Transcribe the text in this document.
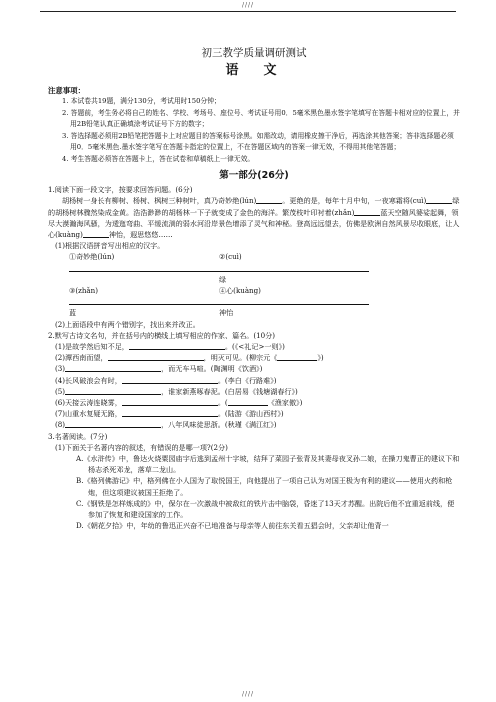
////
初三教学质量调研测试
语　文
注意事项：
1. 本试卷共19题，满分130分，考试用时150分钟；
2. 答题前，考生务必将自己的姓名、学校、考场号、座位号、考试证号用0．5毫米黑色墨水签字笔填写在答题卡相对应的位置上，并用2B铅笔认真正确填涂考试证号下方的数字；
3. 答选择题必须用2B铅笔把答题卡上对应题目的答案标号涂黑。如需改动，请用橡皮擦干净后，再选涂其他答案；答非选择题必须用0．5毫米黑色.墨水签字笔写在答题卡指定的位置上，不在答题区域内的答案一律无效，不得用其他笔答题；
4. 考生答题必须答在答题卡上，答在试卷和草稿纸上一律无效。
第一部分(26分)

1.阅读下面一段文字，按要求回答问题。(6分)

胡杨树一身长有柳树、杨树、枫树三种树叶，真乃奇妙绝(lún)	。更绝的是，每年十月中旬，一夜寒霜将(cuì)	绿的胡杨树林骤然染成金黄。浩浩渺渺的胡杨林一下子就变成了金色的海洋。繁茂枝叶印衬着(zhǎn)	蓝天空随风婆娑起舞，领尽大漠瀚海风骚，为逶迤弯曲、平缓流淌的弱水河沿岸景色增添了灵气和神秘。登高远远望去，仿佛是欧洲自然风景尽收眼底，让人心(kuàng)	神怡，遐思悠悠……

(1)根据汉语拼音写出相应的汉字。

①奇妙绝(lún)	②(cuì)绿
③(zhǎn)蓝
④心(kuàng)神怡

(2)上面语段中有两个错别字，找出来并改正。

2.默写古诗文名句，并在括号内的横线上填写相应的作家、篇名。(10分)

(1)是故学然后知不足，	。(《<礼记>一则》)

(2)潭西南而望，	，明灭可见。(柳宗元《	》)

(3)	，而无车马喧。(陶渊明《饮酒》)

(4)长风破浪会有时，	。(李白《行路难》)

(5)	，谁家新燕啄春泥。(白居易《钱塘湖春行》)

(6)天接云涛连晓雾，	。(	《渔家傲》)

(7)山重水复疑无路，	。(陆游《游山西村》)

(8)	，八年风味徒思浙。(秋瑾《满江红》)

3.名著阅读。(7分)

(1)下面关于名著内容的叙述，有错误的是哪一项?(2分)

A.《水浒传》中，鲁达火烧粟园庙宇后逃到孟州十字坡，结拜了菜园子张青及其妻母夜叉孙二娘，在操刀鬼曹正的建议下和杨志杀死邓龙，落草二龙山。

B.《格列佛游记》中，格列佛在小人国为了取悦国王，向他提出了一项自己认为对国王极为有利的建议——使用火药和枪炮，但这项建议被国王拒绝了。

C.《钢铁是怎样炼成的》中，保尔在一次激战中被敌红的铁片击中脑袋，昏迷了13天才苏醒。出院后他不宜重返前线，便参加了恢复和建设国家的工作。

D.《朝花夕拾》中，年幼的鲁迅正兴奋不已地准备与母亲等人前往东关看五猖会时，父亲却让他背一

////
